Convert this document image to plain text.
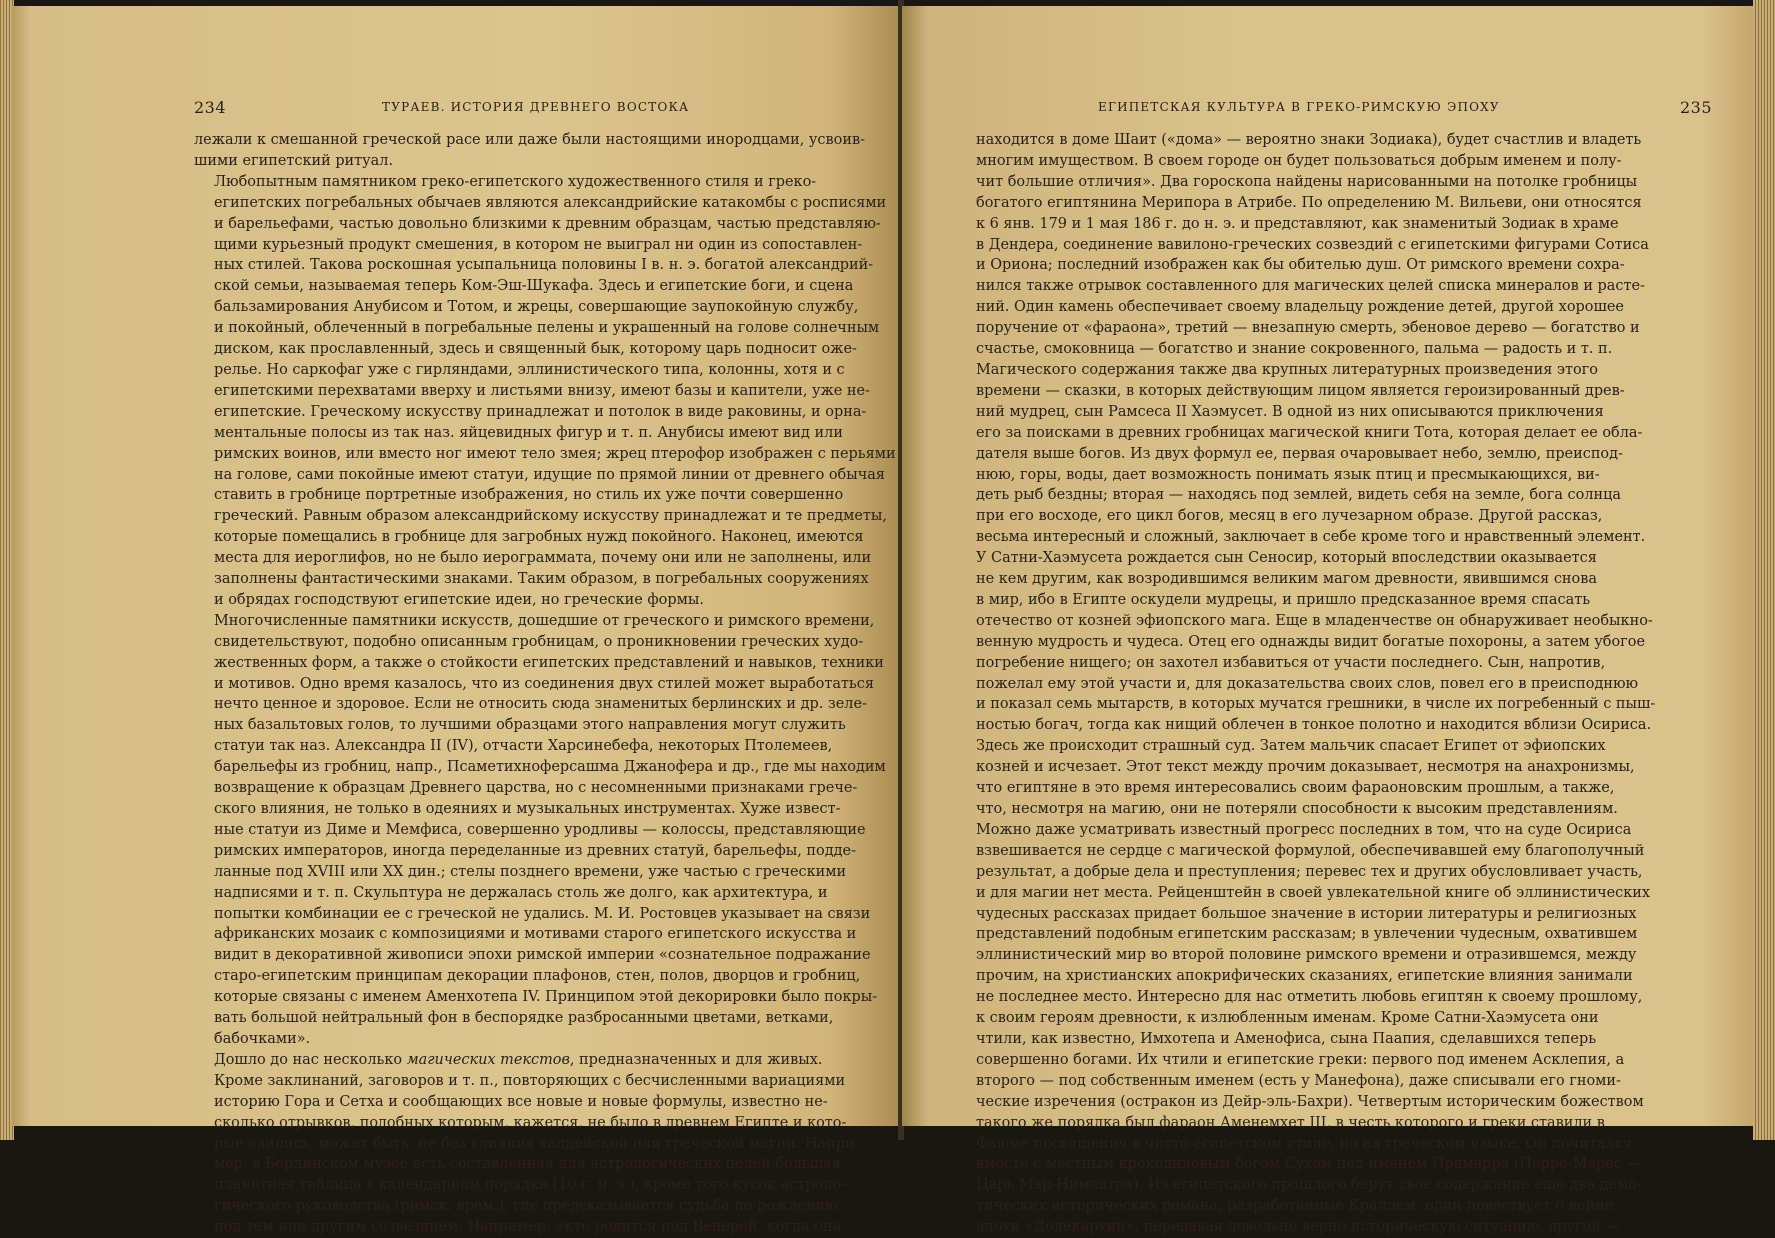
234	ТУРАЕВ. ИСТОРИЯ ДРЕВНЕГО ВОСТОКА

лежали к смешанной греческой расе или даже были настоящими инородцами, усвоив-
шими египетский ритуал.

Любопытным памятником греко-египетского художественного стиля и греко-
египетских погребальных обычаев являются александрийские катакомбы с росписями
и барельефами, частью довольно близкими к древним образцам, частью представляю-
щими курьезный продукт смешения, в котором не выиграл ни один из сопоставлен-
ных стилей. Такова роскошная усыпальница половины I в. н. э. богатой александрий-
ской семьи, называемая теперь Ком-Эш-Шукафа. Здесь и египетские боги, и сцена
бальзамирования Анубисом и Тотом, и жрецы, совершающие заупокойную службу,
и покойный, облеченный в погребальные пелены и украшенный на голове солнечным
диском, как прославленный, здесь и священный бык, которому царь подносит оже-
релье. Но саркофаг уже с гирляндами, эллинистического типа, колонны, хотя и с
египетскими перехватами вверху и листьями внизу, имеют базы и капители, уже не-
египетские. Греческому искусству принадлежат и потолок в виде раковины, и орна-
ментальные полосы из так наз. яйцевидных фигур и т. п. Анубисы имеют вид или
римских воинов, или вместо ног имеют тело змея; жрец птерофор изображен с перьями
на голове, сами покойные имеют статуи, идущие по прямой линии от древнего обычая
ставить в гробнице портретные изображения, но стиль их уже почти совершенно
греческий. Равным образом александрийскому искусству принадлежат и те предметы,
которые помещались в гробнице для загробных нужд покойного. Наконец, имеются
места для иероглифов, но не было иерограмматa, почему они или не заполнены, или
заполнены фантастическими знаками. Таким образом, в погребальных сооружениях
и обрядах господствуют египетские идеи, но греческие формы.

Многочисленные памятники искусств, дошедшие от греческого и римского времени,
свидетельствуют, подобно описанным гробницам, о проникновении греческих худо-
жественных форм, а также о стойкости египетских представлений и навыков, техники
и мотивов. Одно время казалось, что из соединения двух стилей может выработаться
нечто ценное и здоровое. Если не относить сюда знаменитых берлинских и др. зеле-
ных базальтовых голов, то лучшими образцами этого направления могут служить
статуи так наз. Александра II (IV), отчасти Харсинебефа, некоторых Птолемеев,
барельефы из гробниц, напр., Псаметихноферсашма Джанофера и др., где мы находим
возвращение к образцам Древнего царства, но с несомненными признаками грече-
ского влияния, не только в одеяниях и музыкальных инструментах. Хуже извест-
ные статуи из Диме и Мемфиса, совершенно уродливы — колоссы, представляющие
римских императоров, иногда переделанные из древних статуй, барельефы, подде-
ланные под XVIII или XX дин.; стелы позднего времени, уже частью с греческими
надписями и т. п. Скульптура не держалась столь же долго, как архитектура, и
попытки комбинации ее с греческой не удались. М. И. Ростовцев указывает на связи
африканских мозаик с композициями и мотивами старого египетского искусства и
видит в декоративной живописи эпохи римской империи «сознательное подражание
старо-египетским принципам декорации плафонов, стен, полов, дворцов и гробниц,
которые связаны с именем Аменхотепа IV. Принципом этой декорировки было покры-
вать большой нейтральный фон в беспорядке разбросанными цветами, ветками,
бабочками».

Дошло до нас несколько магических текстов, предназначенных и для живых.
Кроме заклинаний, заговоров и т. п., повторяющих с бесчисленными вариациями
историю Гора и Сетха и сообщающих все новые и новые формулы, известно не-
сколько отрывков, подобных которым, кажется, не было в древнем Египте и кото-
рые явились, может быть, не без влияния халдейской или греческой магии. Напри-
мер, в Берлинском музее есть составленная для астрологических целей большая
планетная таблица в календарном порядке (10 г. н. э.), кроме того кусок астроло-
гического руководства (римск. врем.), где предсказывается судьба по рождению
под тем или другим созвездием. Например: «кто родится под Венерой, когда она

ЕГИПЕТСКАЯ КУЛЬТУРА В ГРЕКО-РИМСКУЮ ЭПОХУ	235

находится в доме Шаит («дома» — вероятно знаки Зодиака), будет счастлив и владеть
многим имуществом. В своем городе он будет пользоваться добрым именем и полу-
чит большие отличия». Два гороскопа найдены нарисованными на потолке гробницы
богатого египтянина Мерипора в Атрибе. По определению М. Вильеви, они относятся
к 6 янв. 179 и 1 мая 186 г. до н. э. и представляют, как знаменитый Зодиак в храме
в Дендера, соединение вавилоно-греческих созвездий с египетскими фигурами Сотиса
и Ориона; последний изображен как бы обителью душ. От римского времени сохра-
нился также отрывок составленного для магических целей списка минералов и расте-
ний. Один камень обеспечивает своему владельцу рождение детей, другой хорошее
поручение от «фараона», третий — внезапную смерть, эбеновое дерево — богатство и
счастье, смоковница — богатство и знание сокровенного, пальма — радость и т. п.

Магического содержания также два крупных литературных произведения этого
времени — сказки, в которых действующим лицом является героизированный древ-
ний мудрец, сын Рамсеса II Хаэмусет. В одной из них описываются приключения
его за поисками в древних гробницах магической книги Тота, которая делает ее обла-
дателя выше богов. Из двух формул ее, первая очаровывает небо, землю, преиспод-
нюю, горы, воды, дает возможность понимать язык птиц и пресмыкающихся, ви-
деть рыб бездны; вторая — находясь под землей, видеть себя на земле, бога солнца
при его восходе, его цикл богов, месяц в его лучезарном образе. Другой рассказ,
весьма интересный и сложный, заключает в себе кроме того и нравственный элемент.
У Сатни-Хаэмусета рождается сын Сеносир, который впоследствии оказывается
не кем другим, как возродившимся великим магом древности, явившимся снова
в мир, ибо в Египте оскудели мудрецы, и пришло предсказанное время спасать
отечество от козней эфиопского мага. Еще в младенчестве он обнаруживает необыкно-
венную мудрость и чудеса. Отец его однажды видит богатые похороны, а затем убогое
погребение нищего; он захотел избавиться от участи последнего. Сын, напротив,
пожелал ему этой участи и, для доказательства своих слов, повел его в преисподнюю
и показал семь мытарств, в которых мучатся грешники, в числе их погребенный с пыш-
ностью богач, тогда как нищий облечен в тонкое полотно и находится вблизи Осириса.
Здесь же происходит страшный суд. Затем мальчик спасает Египет от эфиопских
козней и исчезает. Этот текст между прочим доказывает, несмотря на анахронизмы,
что египтяне в это время интересовались своим фараоновским прошлым, а также,
что, несмотря на магию, они не потеряли способности к высоким представлениям.
Можно даже усматривать известный прогресс последних в том, что на суде Осириса
взвешивается не сердце с магической формулой, обеспечивавшей ему благополучный
результат, а добрые дела и преступления; перевес тех и других обусловливает участь,
и для магии нет места. Рейценштейн в своей увлекательной книге об эллинистических
чудесных рассказах придает большое значение в истории литературы и религиозных
представлений подобным египетским рассказам; в увлечении чудесным, охватившем
эллинистический мир во второй половине римского времени и отразившемся, между
прочим, на христианских апокрифических сказаниях, египетские влияния занимали
не последнее место. Интересно для нас отметить любовь египтян к своему прошлому,
к своим героям древности, к излюбленным именам. Кроме Сатни-Хаэмусета они
чтили, как известно, Имхотепа и Аменофиса, сына Паапия, сделавшихся теперь
совершенно богами. Их чтили и египетские греки: первого под именем Асклепия, а
второго — под собственным именем (есть у Манефона), даже списывали его гноми-
ческие изречения (остракон из Дейр-эль-Бахри). Четвертым историческим божеством
такого же порядка был фараон Аменемхет III, в честь которого и греки ставили в
Фаюме посвящения в чисто египетском стиле, но на греческом языке. Он почитался
вместе с местным крокодиловым богом Сухом под именем Прамарра (Перро-Марес —
Царь Мар-Нимаатра). Из египетского прошлого берут свое содержание еще два демо-
тических исторических романа, разработанные Краллем: один повествует о войне
эпохи «Додекархии», передавая довольно верно историческую ситуацию, другой —
